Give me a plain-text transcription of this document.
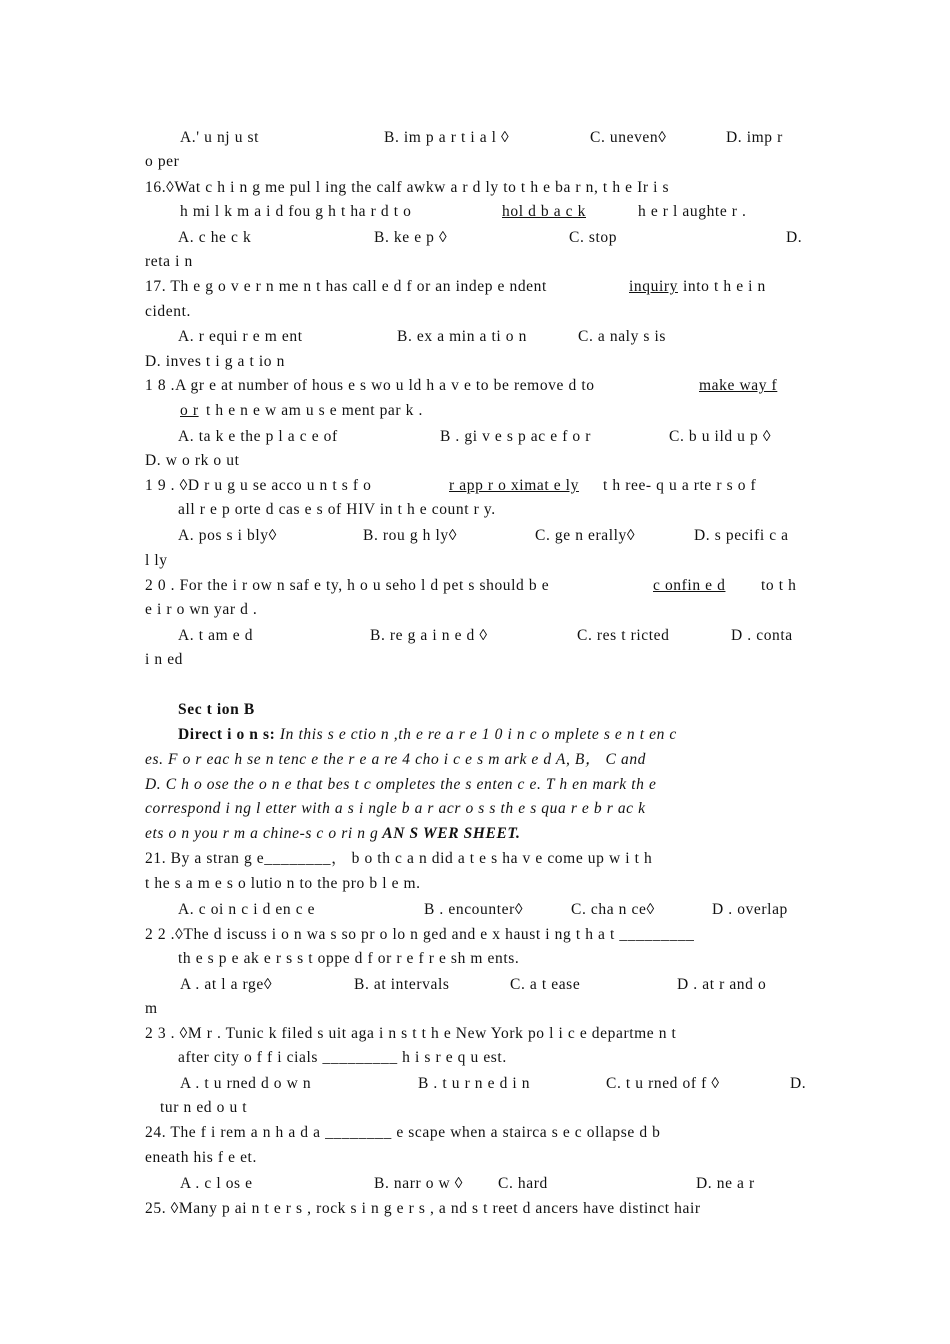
A.' u nj u st	B. im p a r t i a l ◊	C. uneven◊	D. imp r
o per
16.◊Wat c h i n g me pul l ing the calf awkw a r d ly to t h e ba r n, t h e Ir i s
h mi l k m a i d fou g h t ha r d t o	hol d b a c k	h e r l aughte r .
A. c he c k	B. ke e p ◊	C. stop	D.
reta i n
17. Th e g o v e r n me n t has call e d f or an indep e ndent	inquiry into t h e i n
cident.
A. r equi r e m ent	B. ex a min a ti o n	C. a naly s is
D. inves t i g a t io n
1 8 .A gr e at number of hous e s wo u ld h a v e to be remove d to	make way f
o r t h e n e w am u s e ment par k .
A. ta k e the p l a c e of	B . gi v e s p ac e f o r	C. b u ild u p ◊
D. w o rk o ut
1 9 . ◊D r u g u se acco u n t s f o	r app r o ximat e ly t h ree- q u a rte r s o f
all r e p orte d cas e s of HIV in t h e count r y.
A. pos s i bly◊	B. rou g h ly◊	C. ge n erally◊	D. s pecifi c a
l ly
2 0 . For the i r ow n saf e ty, h o u seho l d pet s should b e	c onfin e d to t h
e i r o wn yar d .
A. t am e d	B. re g a i n e d ◊	C. res t ricted	D . conta
i n ed
Sec t ion B
Direct i o n s: In this s e ctio n ,th e re a r e 1 0 i n c o mplete s e n t en c
es. F o r eac h se n tenc e the r e a re 4 cho i c e s m ark e d A, B， C and
D. C h o ose the o n e that bes t c ompletes the s enten c e. T h en mark th e
correspond i ng l etter with a s i ngle b a r acr o s s th e s qua r e b r ac k
ets o n you r m a chine-s c o ri n g AN S WER SHEET.
21. By a stran g e________， b o th c a n did a t e s ha v e come up w i t h
t he s a m e s o lutio n to the pro b l e m.
A. c oi n c i d en c e	B . encounter◊	C. cha n ce◊	D . overlap
2 2 .◊The d iscuss i o n wa s so pr o lo n ged and e x haust i ng t h a t _________
th e s p e ak e r s s t oppe d f or r e f r e sh m ents.
A . at l a rge◊	B. at intervals	C. a t ease	D . at r and o
m
2 3 . ◊M r . Tunic k filed s uit aga i n s t t h e New York po l i c e departme n t
after city o f f i cials _________ h i s r e q u est.
A . t u rned d o w n	B . t u r n e d i n	C. t u rned of f ◊	D.
tur n ed o u t
24. The f i rem a n h a d a ________ e scape when a stairca s e c ollapse d b
eneath his f e et.
A . c l os e	B. narr o w ◊ C. hard	D. ne a r
25. ◊Many p ai n t e r s , rock s i n g e r s , a nd s t reet d ancers have distinct hair
